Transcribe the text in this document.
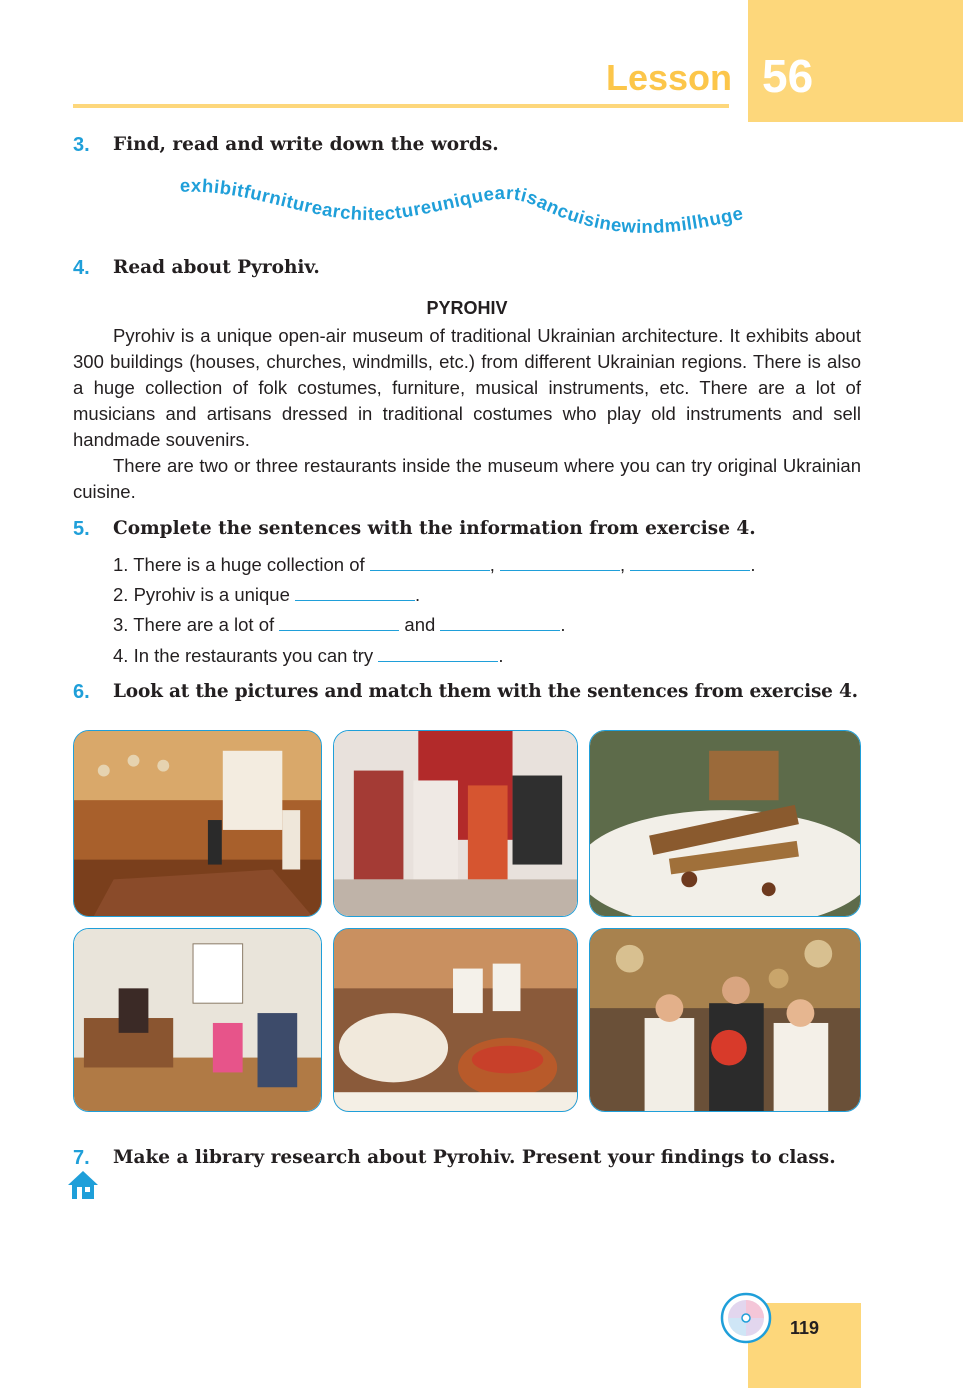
56
Lesson
3. Find, read and write down the words.
exhibitfurniturearchitectureuniqueartisancuisinewindmillhuge
4. Read about Pyrohiv.
PYROHIV
Pyrohiv is a unique open-air museum of traditional Ukrainian architecture. It exhibits about 300 buildings (houses, churches, windmills, etc.) from different Ukrainian regions. There is also a huge collection of folk costumes, furniture, musical instruments, etc. There are a lot of musicians and artisans dressed in traditional costumes who play old instruments and sell handmade souvenirs.
There are two or three restaurants inside the museum where you can try original Ukrainian cuisine.
5. Complete the sentences with the information from exercise 4.
1. There is a huge collection of	,	,	.
2. Pyrohiv is a unique	.
3. There are a lot of	and	.
4. In the restaurants you can try	.
6. Look at the pictures and match them with the sentences from exercise 4.
7. Make a library research about Pyrohiv. Present your findings to class.
119
